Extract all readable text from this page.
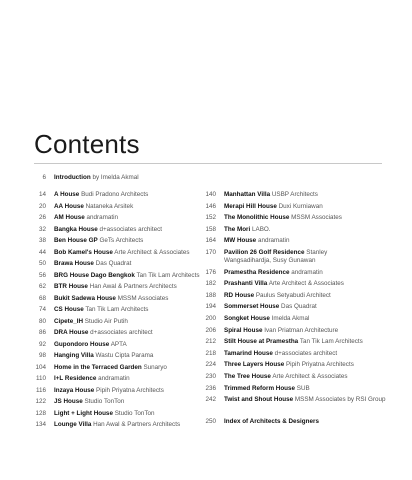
Contents
6 Introduction by Imelda Akmal
14 A House Budi Pradono Architects
20 AA House Nataneka Arsitek
26 AM House andramatin
32 Bangka House d+associates architect
38 Ben House GP GeTs Architects
44 Bob Kamel's House Arte Architect & Associates
50 Brawa House Das Quadrat
56 BRG House Dago Bengkok Tan Tik Lam Architects
62 BTR House Han Awal & Partners Architects
68 Bukit Sadewa House MSSM Associates
74 CS House Tan Tik Lam Architects
80 Cipete_IH Studio Air Putih
86 DRA House d+associates architect
92 Gupondoro House APTA
98 Hanging Villa Wastu Cipta Parama
104 Home in the Terraced Garden Sunaryo
110 I+L Residence andramatin
116 Inzaya House Pipih Priyatna Architects
122 JS House Studio TonTon
128 Light + Light House Studio TonTon
134 Lounge Villa Han Awal & Partners Architects
140 Manhattan Villa USBP Architects
146 Merapi Hill House Duxi Kurniawan
152 The Monolithic House MSSM Associates
158 The Mori LABO.
164 MW House andramatin
170 Pavilion 26 Golf Residence Stanley Wangsadihardja, Susy Gunawan
176 Pramestha Residence andramatin
182 Prashanti Villa Arte Architect & Associates
188 RD House Paulus Setyabudi Architect
194 Sommerset House Das Quadrat
200 Songket House Imelda Akmal
206 Spiral House Ivan Priatman Architecture
212 Stilt House at Pramestha Tan Tik Lam Architects
218 Tamarind House d+associates architect
224 Three Layers House Pipih Priyatna Architects
230 The Tree House Arte Architect & Associates
236 Trimmed Reform House SUB
242 Twist and Shout House MSSM Associates by RSI Group
250 Index of Architects & Designers
